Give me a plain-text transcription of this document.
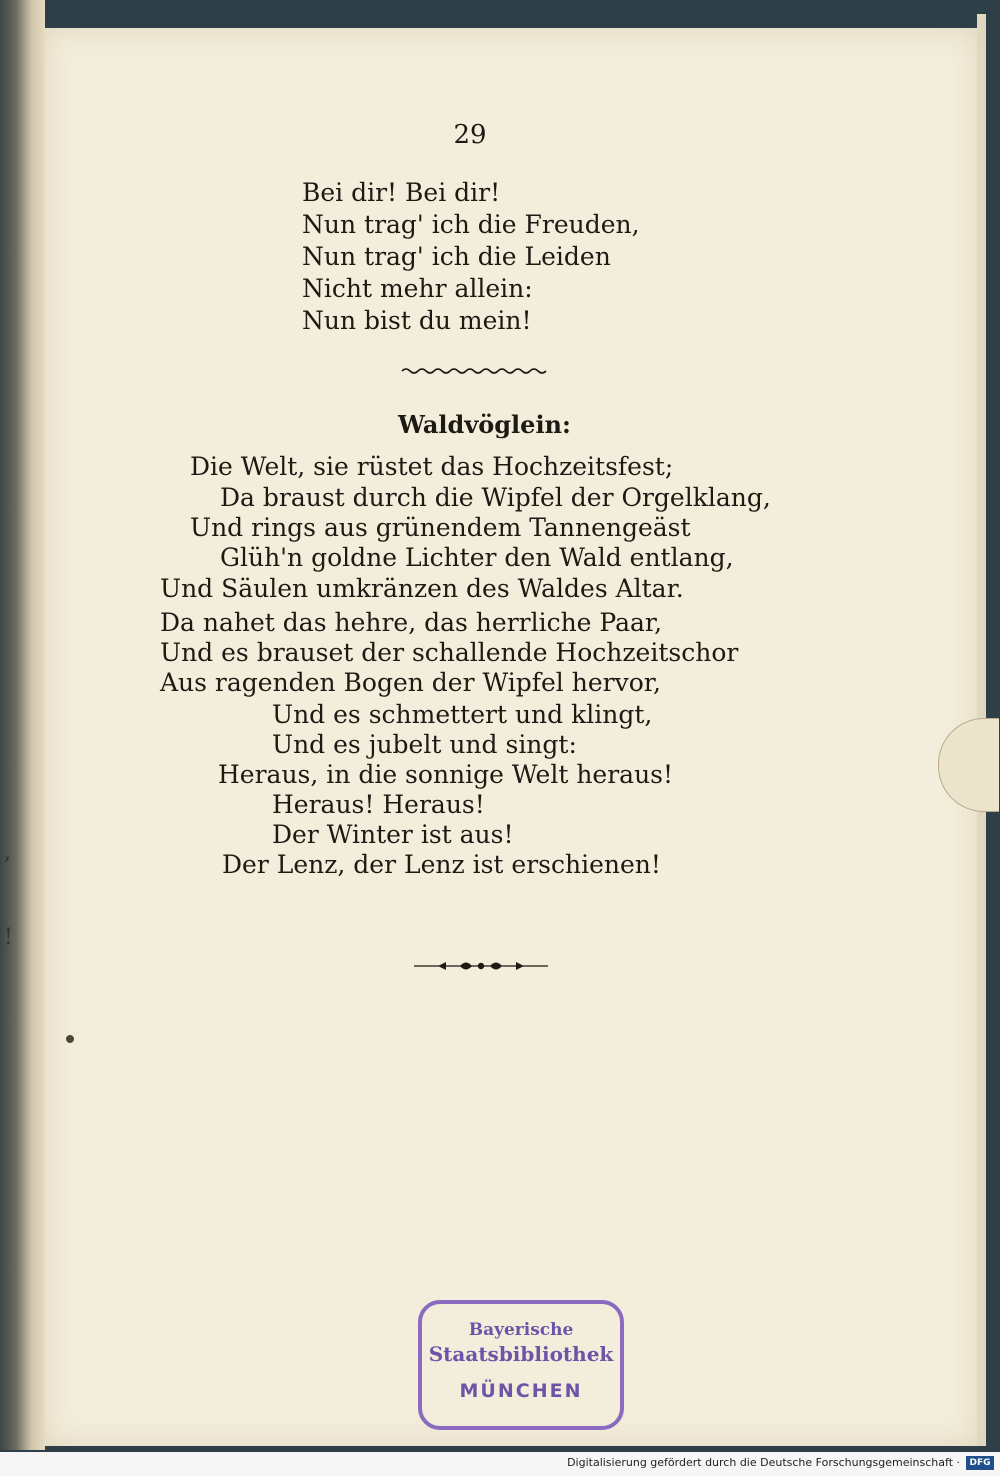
,
!
29
Bei dir! Bei dir!
Nun trag' ich die Freuden,
Nun trag' ich die Leiden
Nicht mehr allein:
Nun bist du mein!
Waldvöglein:
Die Welt, sie rüstet das Hochzeitsfest;
Da braust durch die Wipfel der Orgelklang,
Und rings aus grünendem Tannengeäst
Glüh'n goldne Lichter den Wald entlang,
Und Säulen umkränzen des Waldes Altar.
Da nahet das hehre, das herrliche Paar,
Und es brauset der schallende Hochzeitschor
Aus ragenden Bogen der Wipfel hervor,
Und es schmettert und klingt,
Und es jubelt und singt:
Heraus, in die sonnige Welt heraus!
Heraus! Heraus!
Der Winter ist aus!
Der Lenz, der Lenz ist erschienen!
Bayerische
Staatsbibliothek
MÜNCHEN
Digitalisierung gefördert durch die Deutsche Forschungsgemeinschaft ·	DFG
